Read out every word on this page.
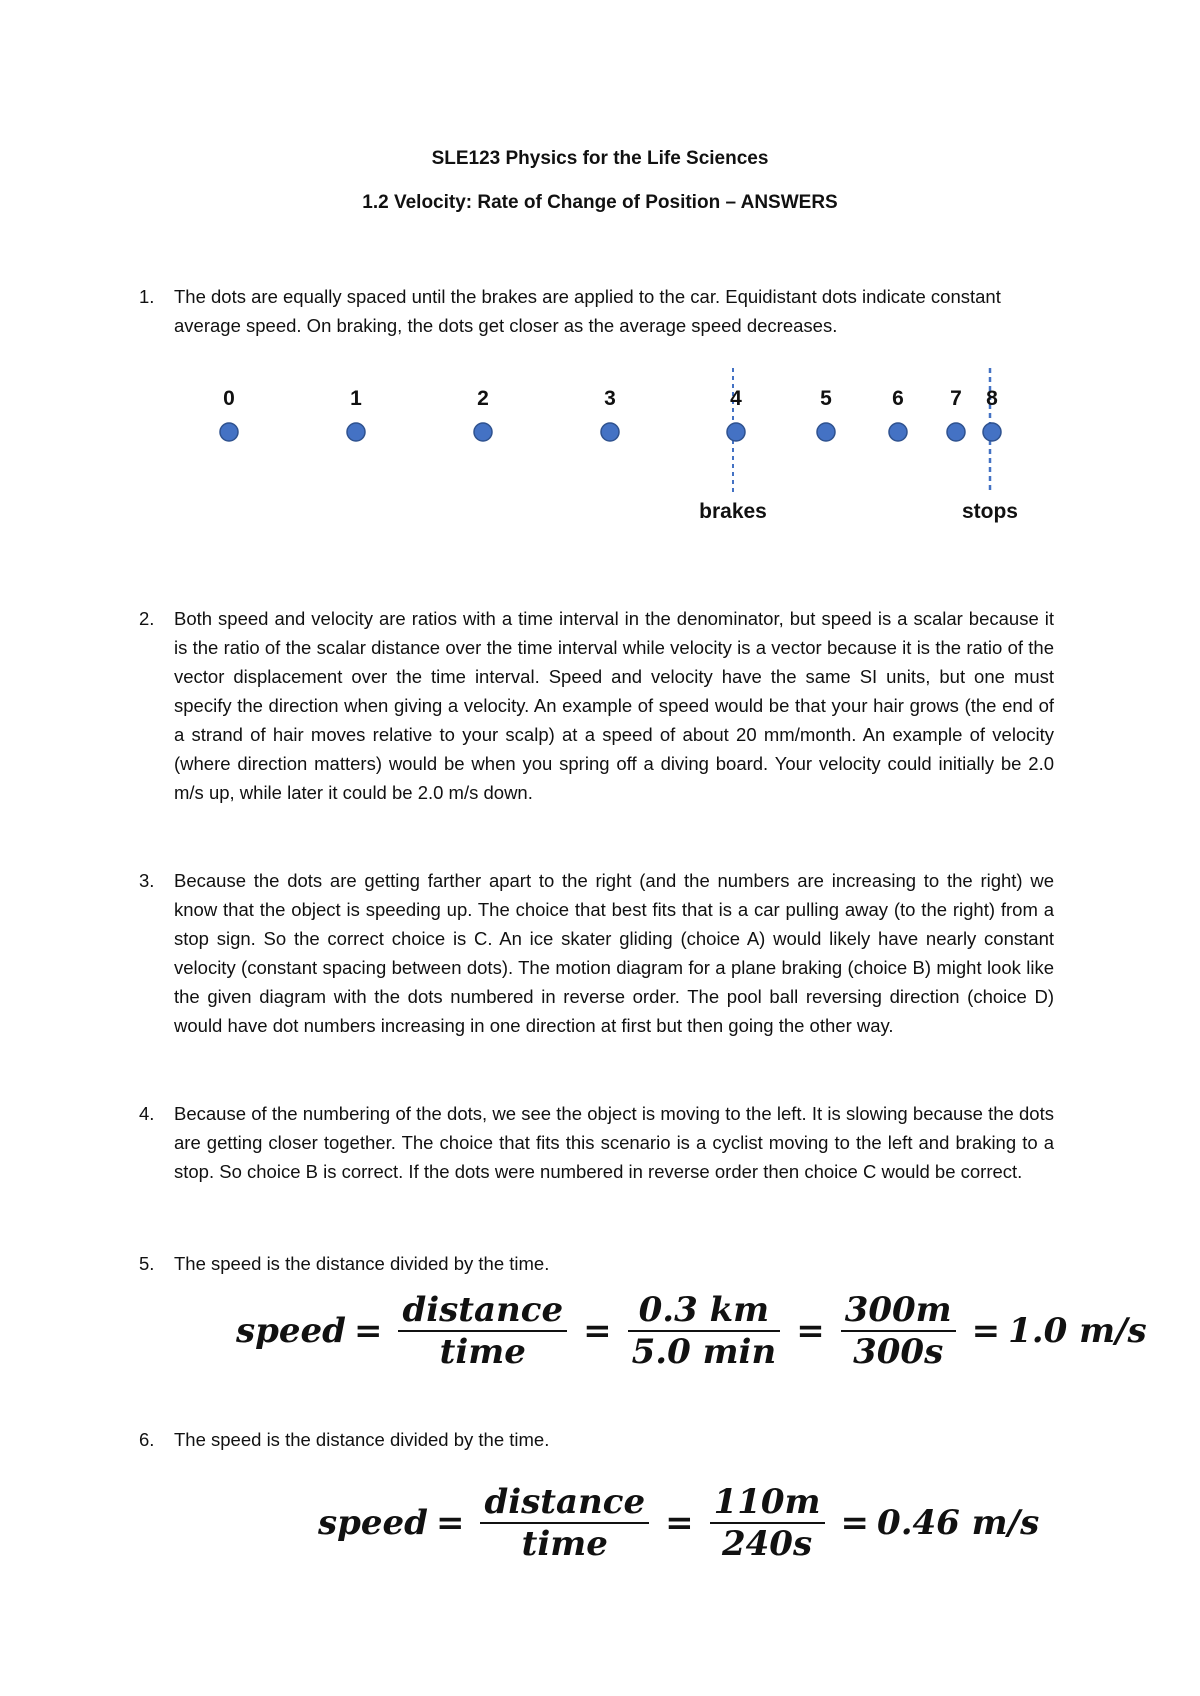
SLE123 Physics for the Life Sciences
1.2 Velocity: Rate of Change of Position – ANSWERS
1. The dots are equally spaced until the brakes are applied to the car. Equidistant dots indicate constant average speed. On braking, the dots get closer as the average speed decreases.
0	1	2	3	4	5	6 7 8
brakes	stops
2. Both speed and velocity are ratios with a time interval in the denominator, but speed is a scalar because it is the ratio of the scalar distance over the time interval while velocity is a vector because it is the ratio of the vector displacement over the time interval. Speed and velocity have the same SI units, but one must specify the direction when giving a velocity. An example of speed would be that your hair grows (the end of a strand of hair moves relative to your scalp) at a speed of about 20 mm/month. An example of velocity (where direction matters) would be when you spring off a diving board. Your velocity could initially be 2.0 m/s up, while later it could be 2.0 m/s down.
3. Because the dots are getting farther apart to the right (and the numbers are increasing to the right) we know that the object is speeding up. The choice that best fits that is a car pulling away (to the right) from a stop sign. So the correct choice is C. An ice skater gliding (choice A) would likely have nearly constant velocity (constant spacing between dots). The motion diagram for a plane braking (choice B) might look like the given diagram with the dots numbered in reverse order. The pool ball reversing direction (choice D) would have dot numbers increasing in one direction at first but then going the other way.
4. Because of the numbering of the dots, we see the object is moving to the left. It is slowing because the dots are getting closer together. The choice that fits this scenario is a cyclist moving to the left and braking to a stop. So choice B is correct. If the dots were numbered in reverse order then choice C would be correct.
5. The speed is the distance divided by the time.
speed = $\frac{\text{distance}}{\text{time}} = \frac{0.3 km}{5.0 \min} = \frac{300m}{300s} = 1.0$ m/s
6. The speed is the distance divided by the time.
speed = $\frac{\text{distance}}{\text{time}} = \frac{110m}{240s} = 0.46$ m/s
